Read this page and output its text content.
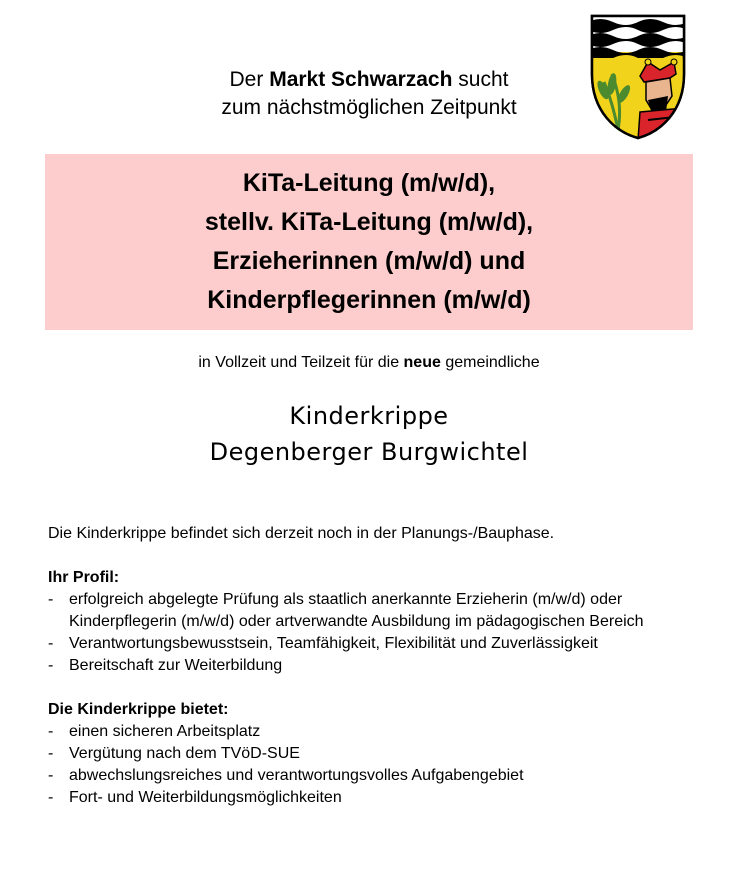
Der Markt Schwarzach sucht
zum nächstmöglichen Zeitpunkt
KiTa-Leitung (m/w/d),
stellv. KiTa-Leitung (m/w/d),
Erzieherinnen (m/w/d) und
Kinderpflegerinnen (m/w/d)
in Vollzeit und Teilzeit für die neue gemeindliche
Kinderkrippe
Degenberger Burgwichtel

Die Kinderkrippe befindet sich derzeit noch in der Planungs-/Bauphase.

Ihr Profil:

- erfolgreich abgelegte Prüfung als staatlich anerkannte Erzieherin (m/w/d) oder Kinderpflegerin (m/w/d) oder artverwandte Ausbildung im pädagogischen Bereich
- Verantwortungsbewusstsein, Teamfähigkeit, Flexibilität und Zuverlässigkeit
- Bereitschaft zur Weiterbildung

Die Kinderkrippe bietet:

- einen sicheren Arbeitsplatz
- Vergütung nach dem TVöD-SUE
- abwechslungsreiches und verantwortungsvolles Aufgabengebiet
- Fort- und Weiterbildungsmöglichkeiten
